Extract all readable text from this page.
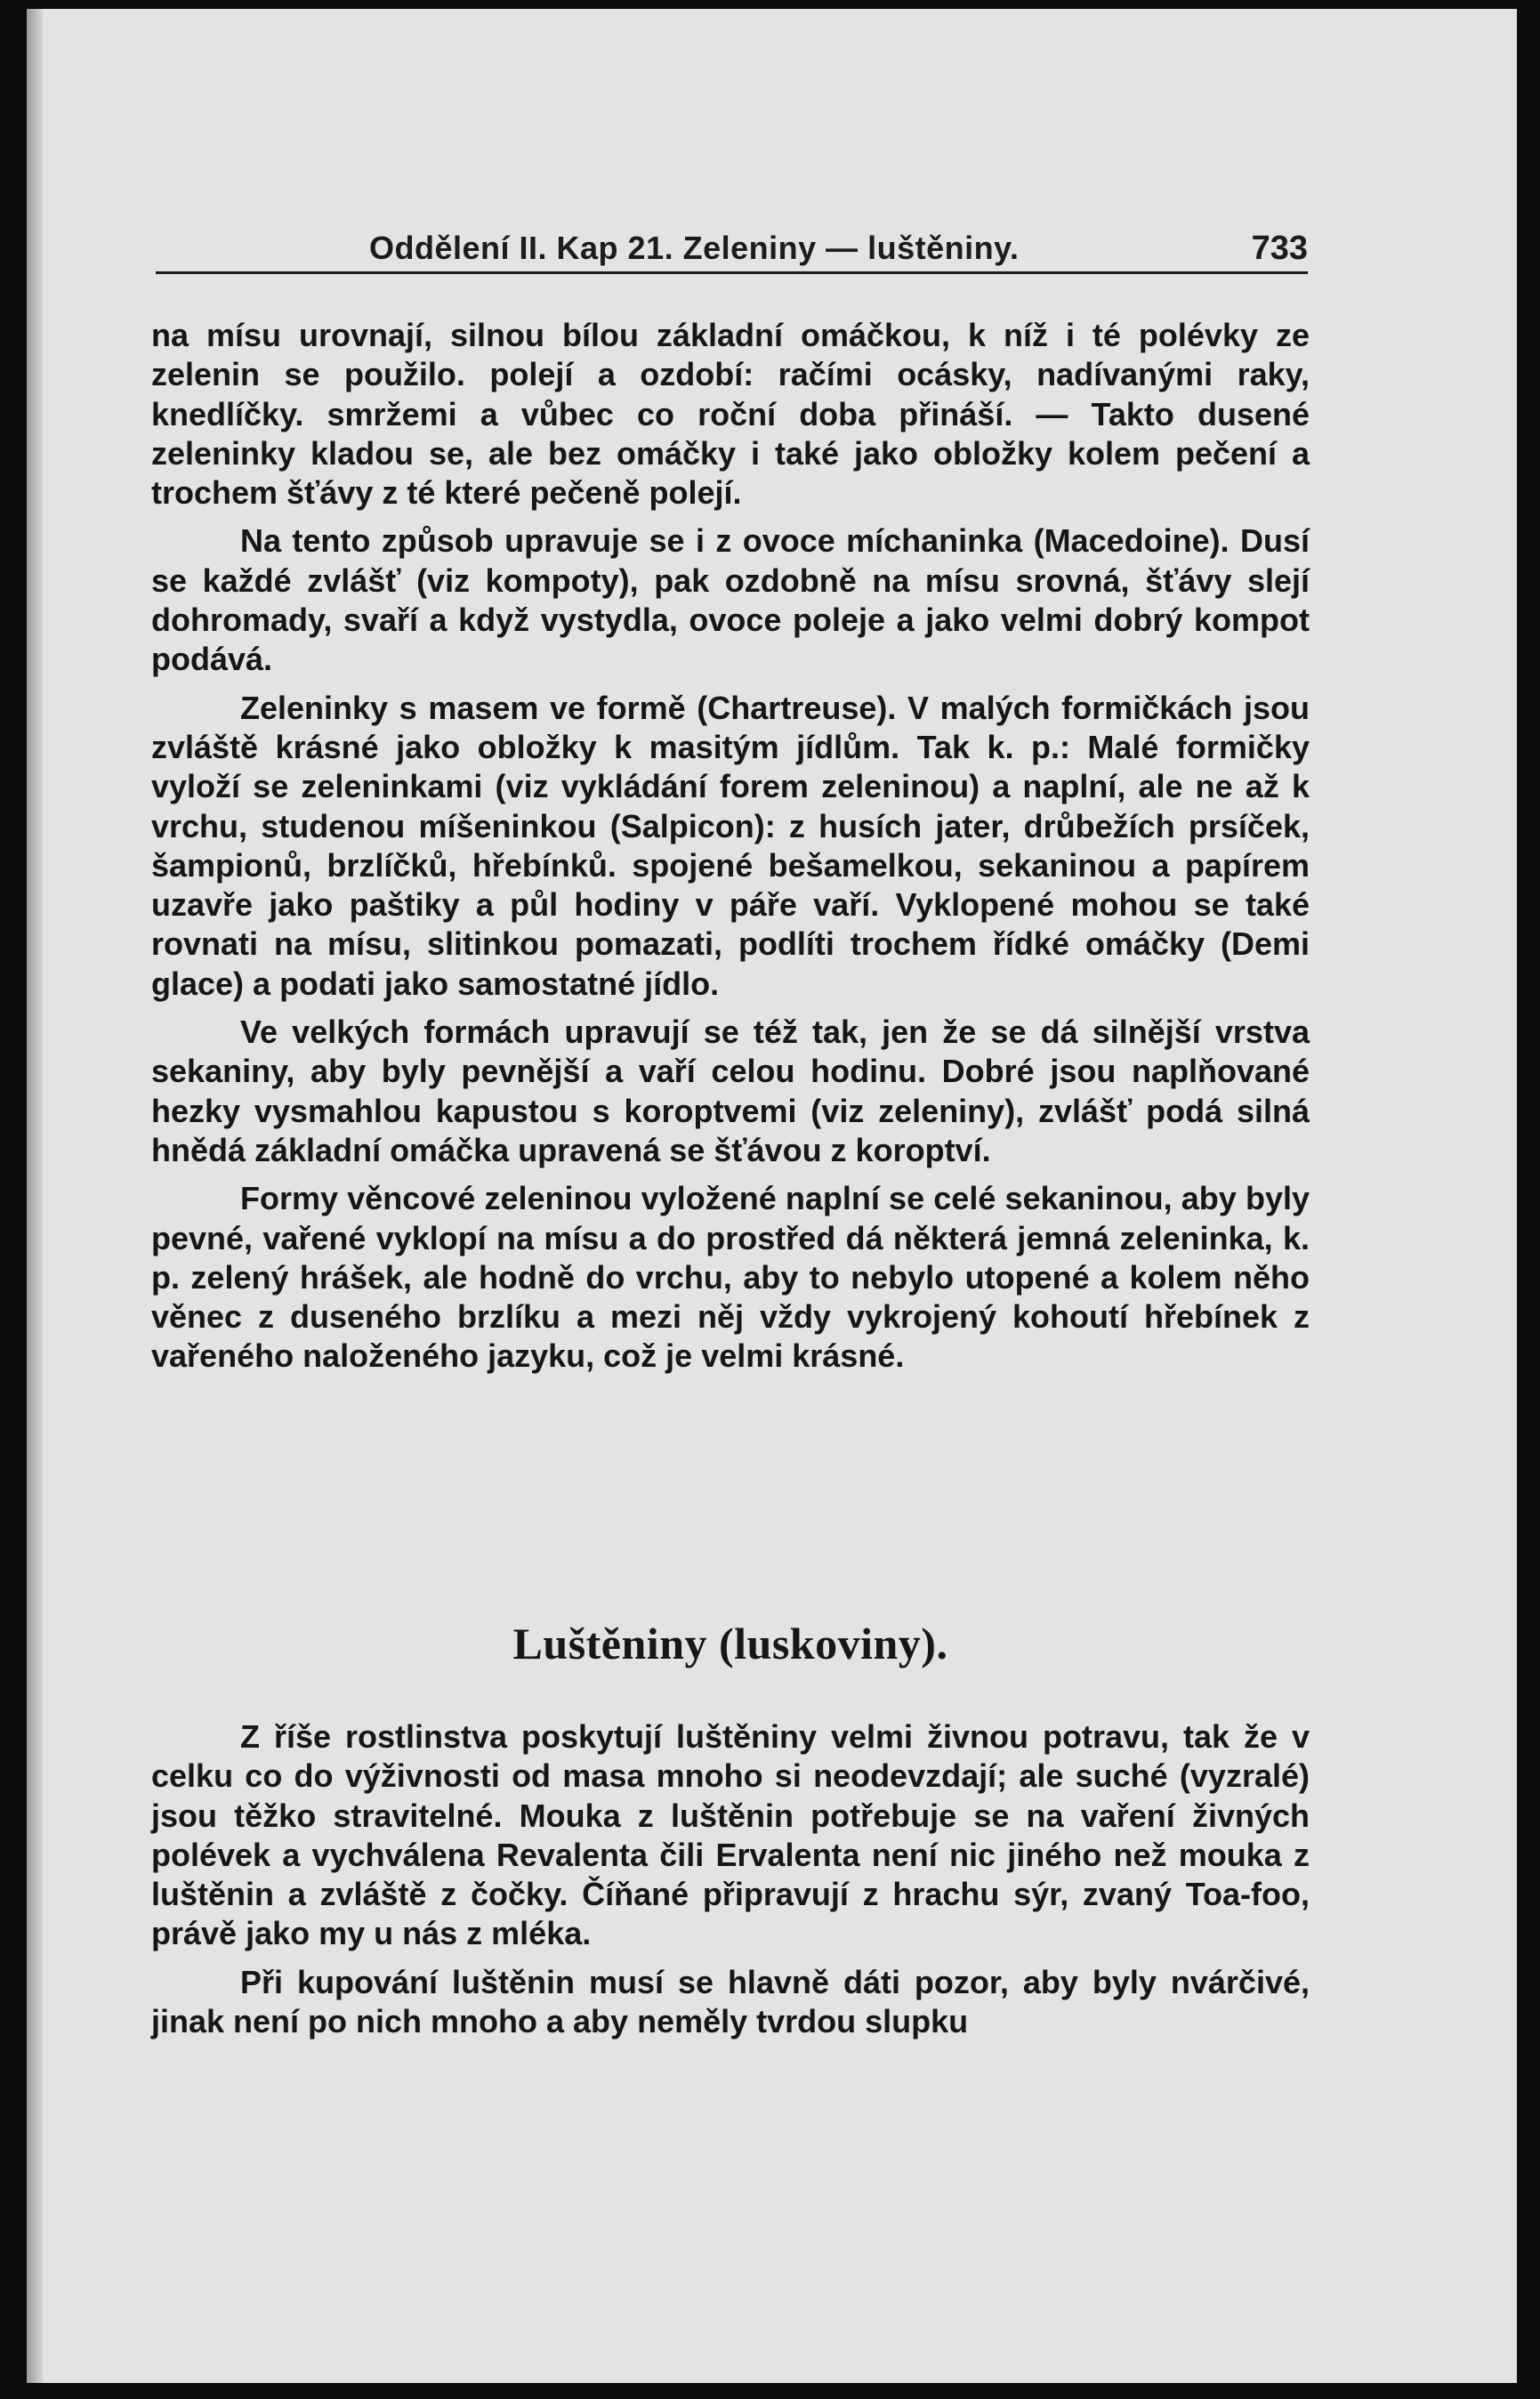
Oddělení II. Kap 21. Zeleniny — luštěniny.	733

na mísu urovnají, silnou bílou základní omáčkou, k níž i té polévky ze zelenin se použilo. polejí a ozdobí: račími ocásky, nadívanými raky, knedlíčky. smržemi a vůbec co roční doba přináší. — Takto dusené zeleninky kladou se, ale bez omáčky i také jako obložky kolem pečení a trochem šťávy z té které pečeně polejí.

Na tento způsob upravuje se i z ovoce míchaninka (Macedoine). Dusí se každé zvlášť (viz kompoty), pak ozdobně na mísu srovná, šťávy slejí dohromady, svaří a když vystydla, ovoce poleje a jako velmi dobrý kompot podává.

Zeleninky s masem ve formě (Chartreuse). V malých formičkách jsou zvláště krásné jako obložky k masitým jídlům. Tak k. p.: Malé formičky vyloží se zeleninkami (viz vykládání forem zeleninou) a naplní, ale ne až k vrchu, studenou míšeninkou (Salpicon): z husích jater, drůbežích prsíček, šampionů, brzlíčků, hřebínků. spojené bešamelkou, sekaninou a papírem uzavře jako paštiky a půl hodiny v páře vaří. Vyklopené mohou se také rovnati na mísu, slitinkou pomazati, podlíti trochem řídké omáčky (Demi glace) a podati jako samostatné jídlo.

Ve velkých formách upravují se též tak, jen že se dá silnější vrstva sekaniny, aby byly pevnější a vaří celou hodinu. Dobré jsou naplňované hezky vysmahlou kapustou s koroptvemi (viz zeleniny), zvlášť podá silná hnědá základní omáčka upravená se šťávou z koroptví.

Formy věncové zeleninou vyložené naplní se celé sekaninou, aby byly pevné, vařené vyklopí na mísu a do prostřed dá některá jemná zeleninka, k. p. zelený hrášek, ale hodně do vrchu, aby to nebylo utopené a kolem něho věnec z duseného brzlíku a mezi něj vždy vykrojený kohoutí hřebínek z vařeného naloženého jazyku, což je velmi krásné.

Luštěniny (luskoviny).

Z říše rostlinstva poskytují luštěniny velmi živnou potravu, tak že v celku co do výživnosti od masa mnoho si neodevzdají; ale suché (vyzralé) jsou těžko stravitelné. Mouka z luštěnin potřebuje se na vaření živných polévek a vychválena Revalenta čili Ervalenta není nic jiného než mouka z luštěnin a zvláště z čočky. Číňané připravují z hrachu sýr, zvaný Toa-foo, právě jako my u nás z mléka.

Při kupování luštěnin musí se hlavně dáti pozor, aby byly nvárčivé, jinak není po nich mnoho a aby neměly tvrdou slupku
